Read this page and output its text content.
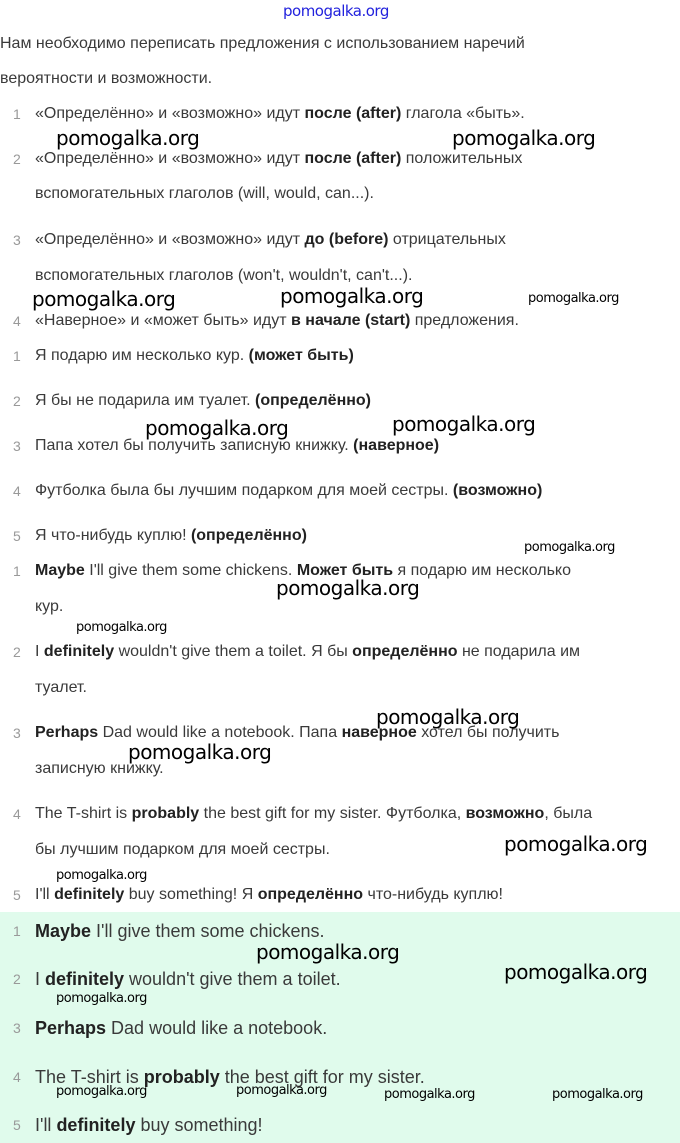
pomogalka.org
Нам необходимо переписать предложения с использованием наречий
вероятности и возможности.
1 «Определённо» и «возможно» идут после (after) глагола «быть».
2 «Определённо» и «возможно» идут после (after) положительных
вспомогательных глаголов (will, would, can...).
3 «Определённо» и «возможно» идут до (before) отрицательных
вспомогательных глаголов (won't, wouldn't, can't...).
4 «Наверное» и «может быть» идут в начале (start) предложения.
1 Я подарю им несколько кур. (может быть)
2 Я бы не подарила им туалет. (определённо)
3 Папа хотел бы получить записную книжку. (наверное)
4 Футболка была бы лучшим подарком для моей сестры. (возможно)
5 Я что-нибудь куплю! (определённо)
1 Maybe I'll give them some chickens. Может быть я подарю им несколько
кур.
2 I definitely wouldn't give them a toilet. Я бы определённо не подарила им
туалет.
3 Perhaps Dad would like a notebook. Папа наверное хотел бы получить
записную книжку.
4 The T-shirt is probably the best gift for my sister. Футболка, возможно, была
бы лучшим подарком для моей сестры.
5 I'll definitely buy something! Я определённо что-нибудь куплю!
1 Maybe I'll give them some chickens.
2 I definitely wouldn't give them a toilet.
3 Perhaps Dad would like a notebook.
4 The T-shirt is probably the best gift for my sister.
5 I'll definitely buy something!
pomogalka.org	pomogalka.org
pomogalka.org	pomogalka.org	pomogalka.org
pomogalka.org	pomogalka.org
pomogalka.org
pomogalka.org
pomogalka.org
pomogalka.org
pomogalka.org
pomogalka.org
pomogalka.org
pomogalka.org
pomogalka.org
pomogalka.org
pomogalka.org	pomogalka.org	pomogalka.org	pomogalka.org
